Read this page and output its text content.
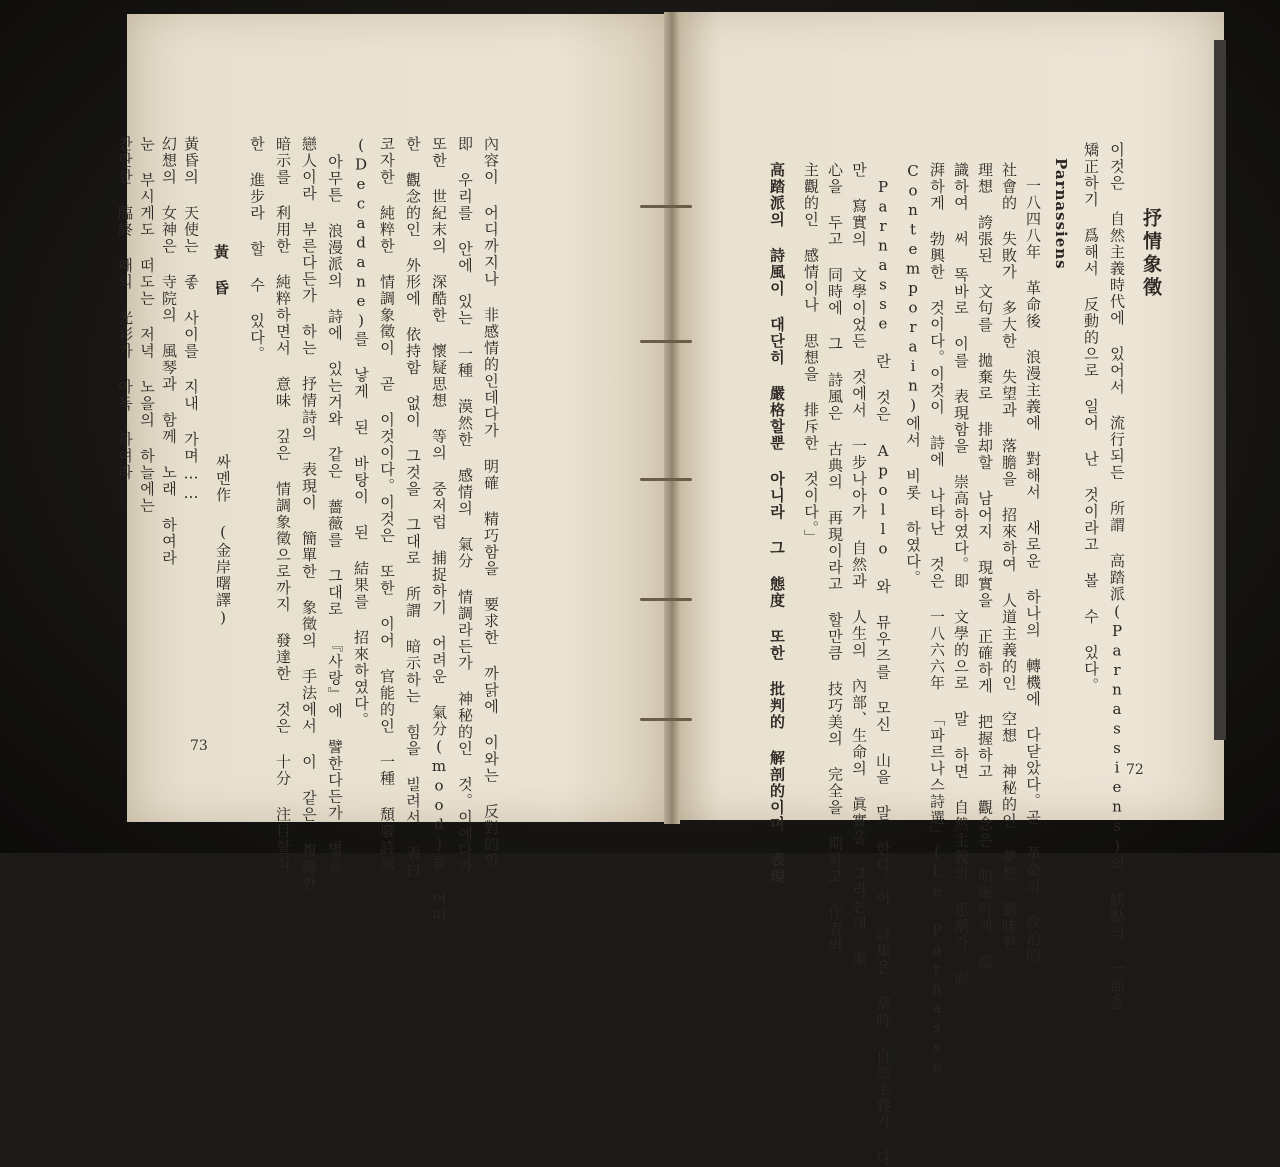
內容이 어디까지나 非感情的인데다가 明確 精巧함을 要求한 까닭에 이와는 反對的인
即 우리를 안에 있는 一種 漠然한 感情의 氣分 情調라든가 神秘的인 것。이에다가
또한 世紀末의 深酷한 懷疑思想 等의 중저럽 捕捉하기 어려운 氣分(mood)를 어떠
한 觀念的인 外形에 依持함 없이 그것을 그대로 所謂 暗示하는 힘을 빌려서 表白
코자한 純粹한 情調象徵이 곧 이것이다。이것은 또한 이어 官能的인 一種 頹廢詩派
(Decadane)를 낳게 된 바탕이 된 結果를 招來하였다。
아무튼 浪漫派의 詩에 있는거와 같은 薔薇를 그대로 『사랑』에 譬한다든가 별을
戀人이라 부른다든가 하는 抒情詩의 表現이 簡單한 象徵의 手法에서 이 같은 複雜한
暗示를 利用한 純粹하면서 意味 깊은 情調象徵으로까지 發達한 것은 十分 注目할식
한 進步라 할 수 있다。
黃 昏
싸멘作 (金岸曙譯)
黃昏의 天使는 좋 사이를 지내 가며……
幻想의 女神은 寺院의 風琴과 함께 노래 하여라
눈 부시게도 떠도는 저녁 노을의 하늘에는
찬란한 臨終 때의 光彩가 아득 하여라
73
抒情象徵
이것은 自然主義時代에 있어서 流行되든 所謂 高踏派(Parnassiens)의 缺點의 一面을
矯正하기 爲해서 反動的으로 일어 난 것이라고 볼 수 있다。
Parnassiens
一八四八年 革命後 浪漫主義에 對해서 새로운 하나의 轉機에 다닫았다。곧 革命의 政治的
社會的 失敗가 多大한 失望과 落膽을 招來하여 人道主義的인 空想 神秘的인 夢想 劉昧한
理想 誇張된 文句를 拋棄로 排却할 남어지 現實을 正確하게 把握하고 觀念은 明晰하게 認
識하여 써 똑바로 이를 表現함을 崇高하였다。即 文學的으로 말 하면 自然主義의 思潮가 澎
湃하게 勃興한 것이다。이것이 詩에 나타난 것은 一八六六年 「파르나스詩選」(Le Parnasse
Contemporain)에서 비롯 하였다。
Parnasse 란 것은 Apollo 와 뮤우즈를 모신 山을 말 한다。이 詩集은 當時 自然主義가 다
만 寫實의 文學이었든 것에서 一步나아가 自然과 人生의 內部、生命의 眞實을 그리는데 重
心을 두고 同時에 그 詩風은 古典의 再現이라고 할만큼 技巧美의 完全을 期하고 作者의
主觀的인 感情이나 思想을 排斥한 것이다。」
高踏派의 詩風이 대단히 嚴格할뿐 아니라 그 態度 또한 批判的 解剖的이며 表現	72
